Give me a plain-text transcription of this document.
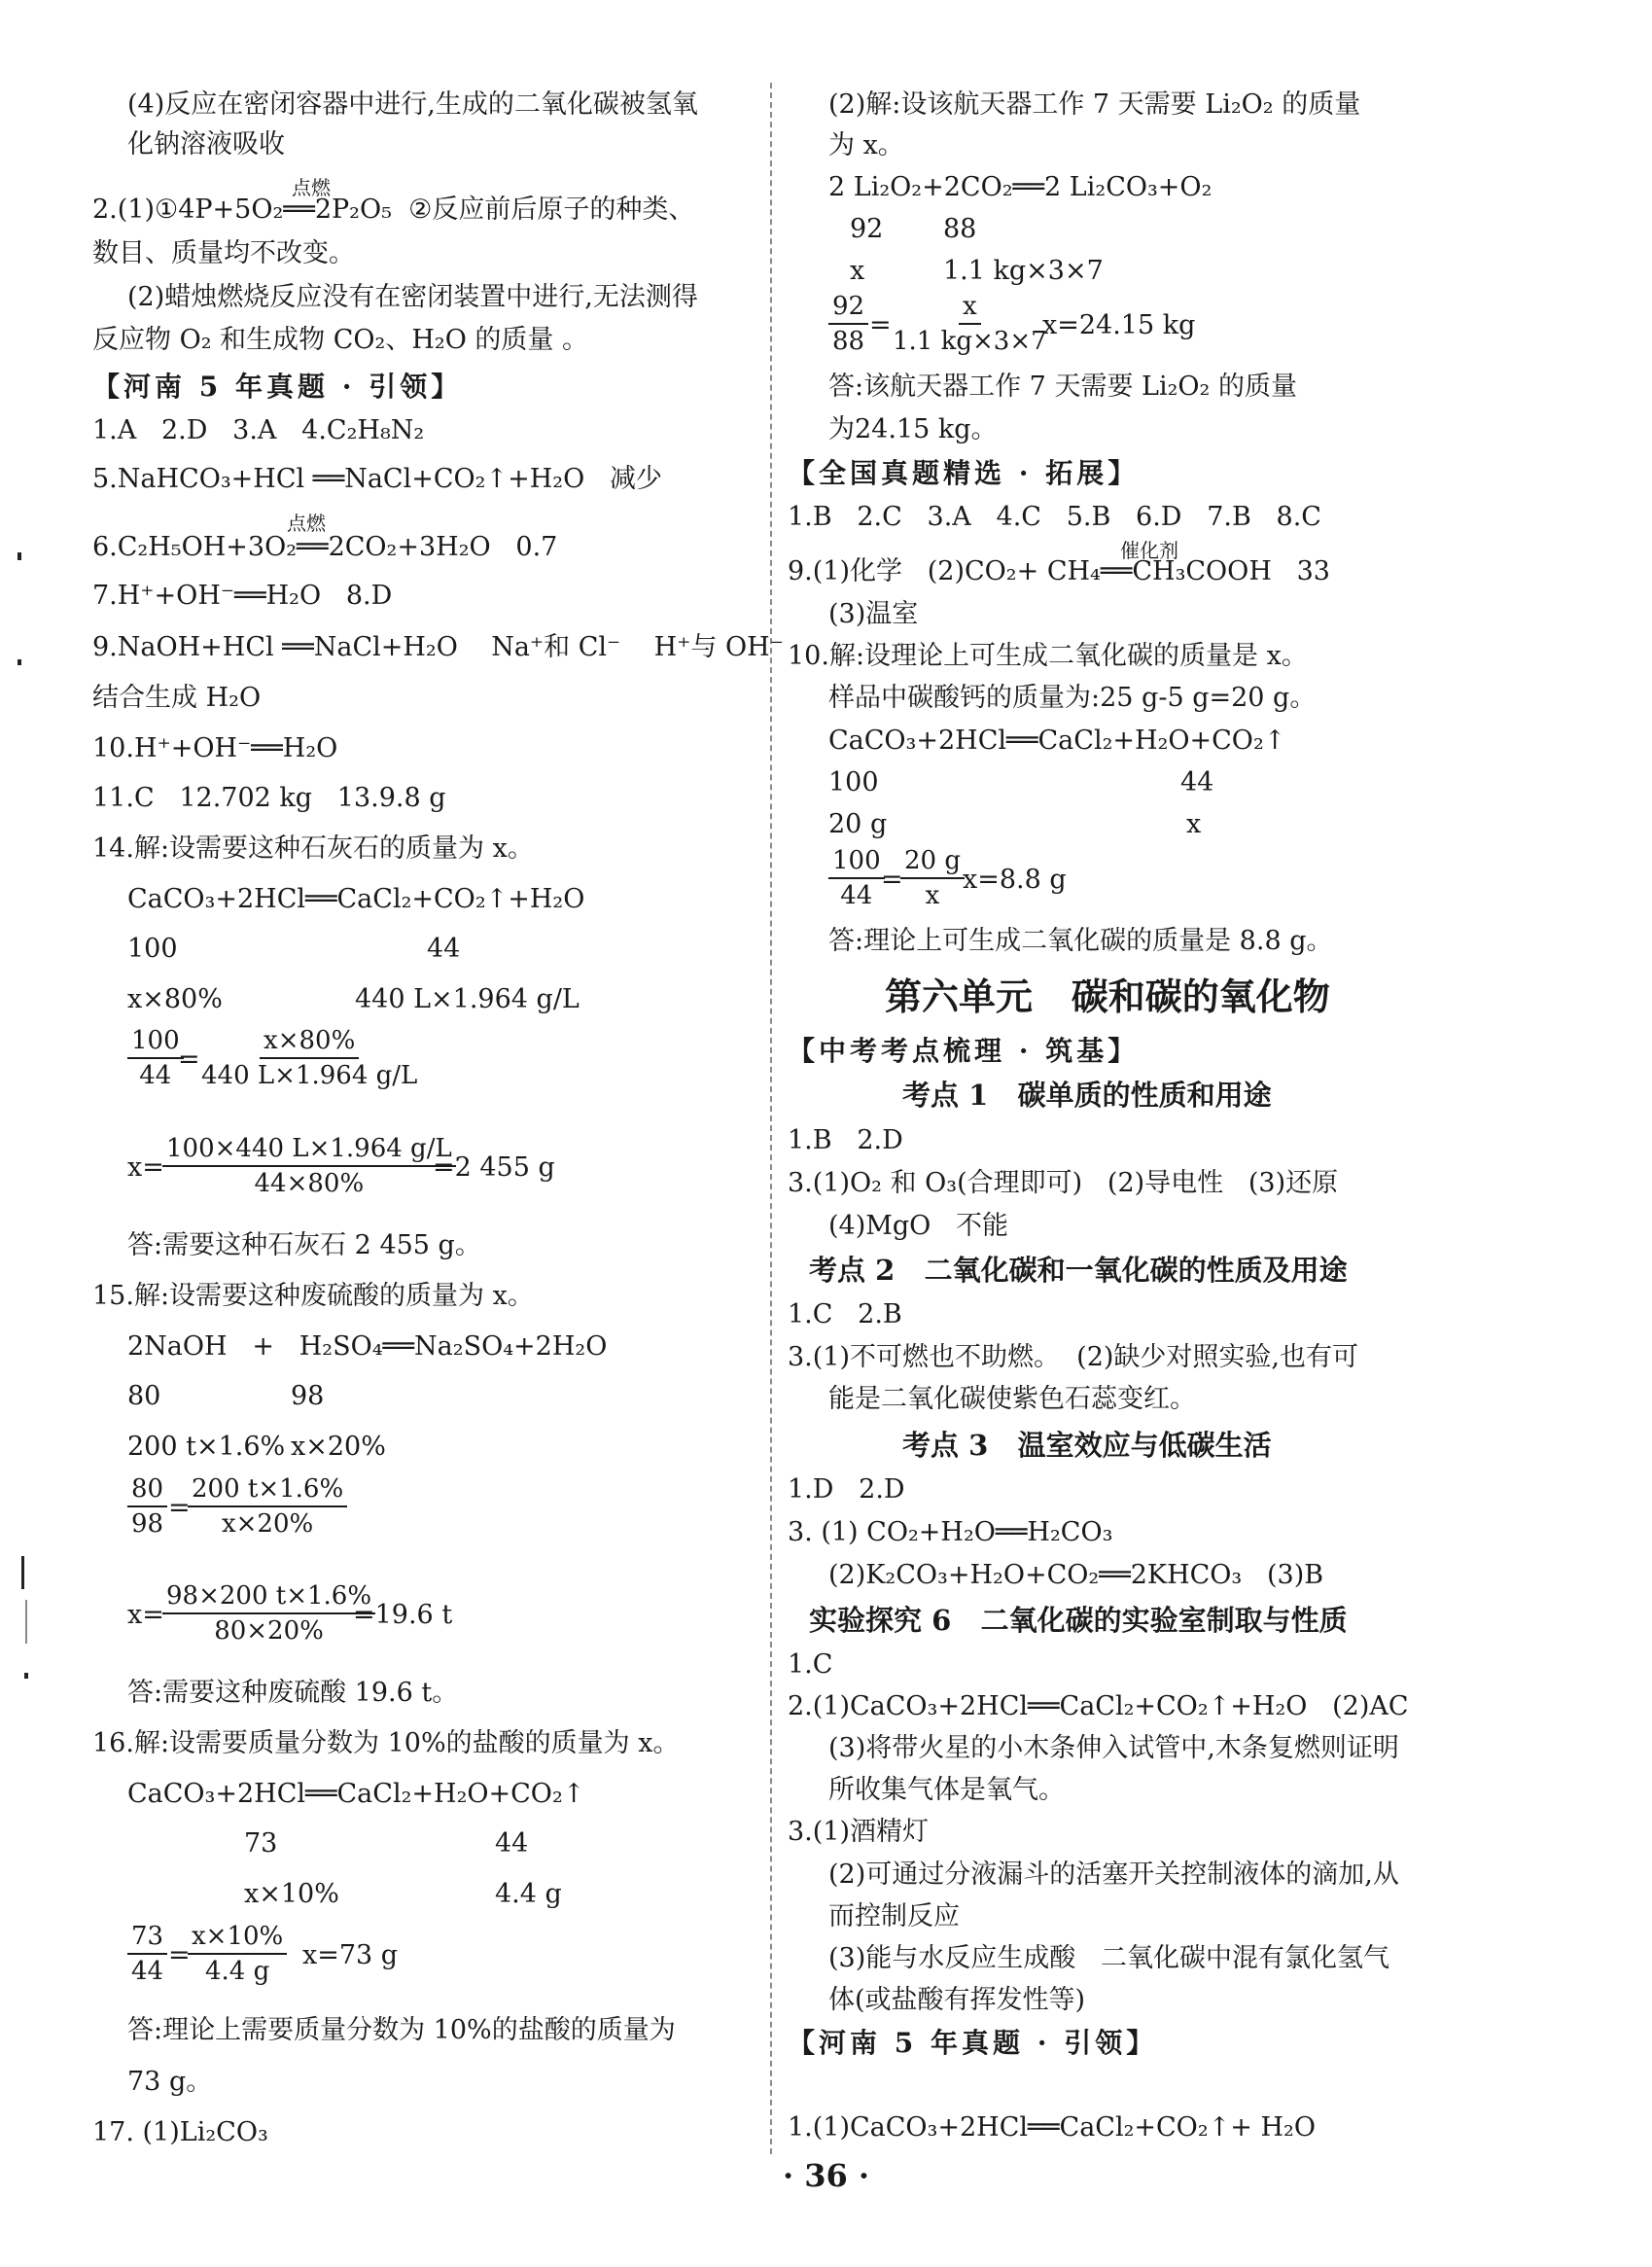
(4)反应在密闭容器中进行,生成的二氧化碳被氢氧
化钠溶液吸收
点燃
2.(1)①4P+5O₂══2P₂O₅  ②反应前后原子的种类、
数目、质量均不改变。
(2)蜡烛燃烧反应没有在密闭装置中进行,无法测得
反应物 O₂ 和生成物 CO₂、H₂O 的质量 。
【河南 5 年真题 · 引领】
1.A   2.D   3.A   4.C₂H₈N₂
5.NaHCO₃+HCl ══NaCl+CO₂↑+H₂O   减少
点燃
6.C₂H₅OH+3O₂══2CO₂+3H₂O   0.7
7.H⁺+OH⁻══H₂O   8.D
9.NaOH+HCl ══NaCl+H₂O    Na⁺和 Cl⁻    H⁺与 OH⁻
结合生成 H₂O
10.H⁺+OH⁻══H₂O
11.C   12.702 kg   13.9.8 g
14.解:设需要这种石灰石的质量为 x。
CaCO₃+2HCl══CaCl₂+CO₂↑+H₂O
100	44
x×80%	440 L×1.964 g/L
$\frac{100}{44}$
=
$\frac{x\times 80\%}{440 L\times 1.964 g/L}$
x=
$\frac{100\times 440 L\times 1.964 g/L}{44\times 80\%}$
=2 455 g
答:需要这种石灰石 2 455 g。
15.解:设需要这种废硫酸的质量为 x。
2NaOH   +   H₂SO₄══Na₂SO₄+2H₂O
80	98
200 t×1.6% x×20%
$\frac{80}{98}$ =
$\frac{200 t\times 1.6\%}{x\times 20\%}$
x=
$\frac{98\times 200 t\times 1.6\%}{80\times 20\%}$
=19.6 t
答:需要这种废硫酸 19.6 t。
16.解:设需要质量分数为 10%的盐酸的质量为 x。
CaCO₃+2HCl══CaCl₂+H₂O+CO₂↑
73	44
x×10%	4.4 g
$\frac{73}{44}$ =
$\frac{x\times 10\%}{4.4 g} x=73$ g
答:理论上需要质量分数为 10%的盐酸的质量为
73 g。
17. (1)Li₂CO₃
(2)解:设该航天器工作 7 天需要 Li₂O₂ 的质量
为 x。
2 Li₂O₂+2CO₂══2 Li₂CO₃+O₂
92 88
x	1.1 kg×3×7
$\frac{92}{88}$ =
$\frac{x}{1.1 kg\times 3\times 7}$
x=24.15 kg
答:该航天器工作 7 天需要 Li₂O₂ 的质量
为24.15 kg。
【全国真题精选 · 拓展】
1.B   2.C   3.A   4.C   5.B   6.D   7.B   8.C
催化剂
9.(1)化学   (2)CO₂+ CH₄══CH₃COOH   33
(3)温室
10.解:设理论上可生成二氧化碳的质量是 x。
样品中碳酸钙的质量为:25 g-5 g=20 g。
CaCO₃+2HCl══CaCl₂+H₂O+CO₂↑
100	44
20 g	x
$\frac{100}{44}$
=
$\frac{20 g}{x}$
x=8.8 g
答:理论上可生成二氧化碳的质量是 8.8 g。
第六单元   碳和碳的氧化物
【中考考点梳理 · 筑基】
考点 1   碳单质的性质和用途
1.B   2.D
3.(1)O₂ 和 O₃(合理即可)   (2)导电性   (3)还原
(4)MgO   不能
考点 2   二氧化碳和一氧化碳的性质及用途
1.C   2.B
3.(1)不可燃也不助燃。  (2)缺少对照实验,也有可
能是二氧化碳使紫色石蕊变红。
考点 3   温室效应与低碳生活
1.D   2.D
3. (1) CO₂+H₂O══H₂CO₃
(2)K₂CO₃+H₂O+CO₂══2KHCO₃   (3)B
实验探究 6   二氧化碳的实验室制取与性质
1.C
2.(1)CaCO₃+2HCl══CaCl₂+CO₂↑+H₂O   (2)AC
(3)将带火星的小木条伸入试管中,木条复燃则证明
所收集气体是氧气。
3.(1)酒精灯
(2)可通过分液漏斗的活塞开关控制液体的滴加,从
而控制反应
(3)能与水反应生成酸   二氧化碳中混有氯化氢气
体(或盐酸有挥发性等)
【河南 5 年真题 · 引领】
1.(1)CaCO₃+2HCl══CaCl₂+CO₂↑+ H₂O
· 36 ·
